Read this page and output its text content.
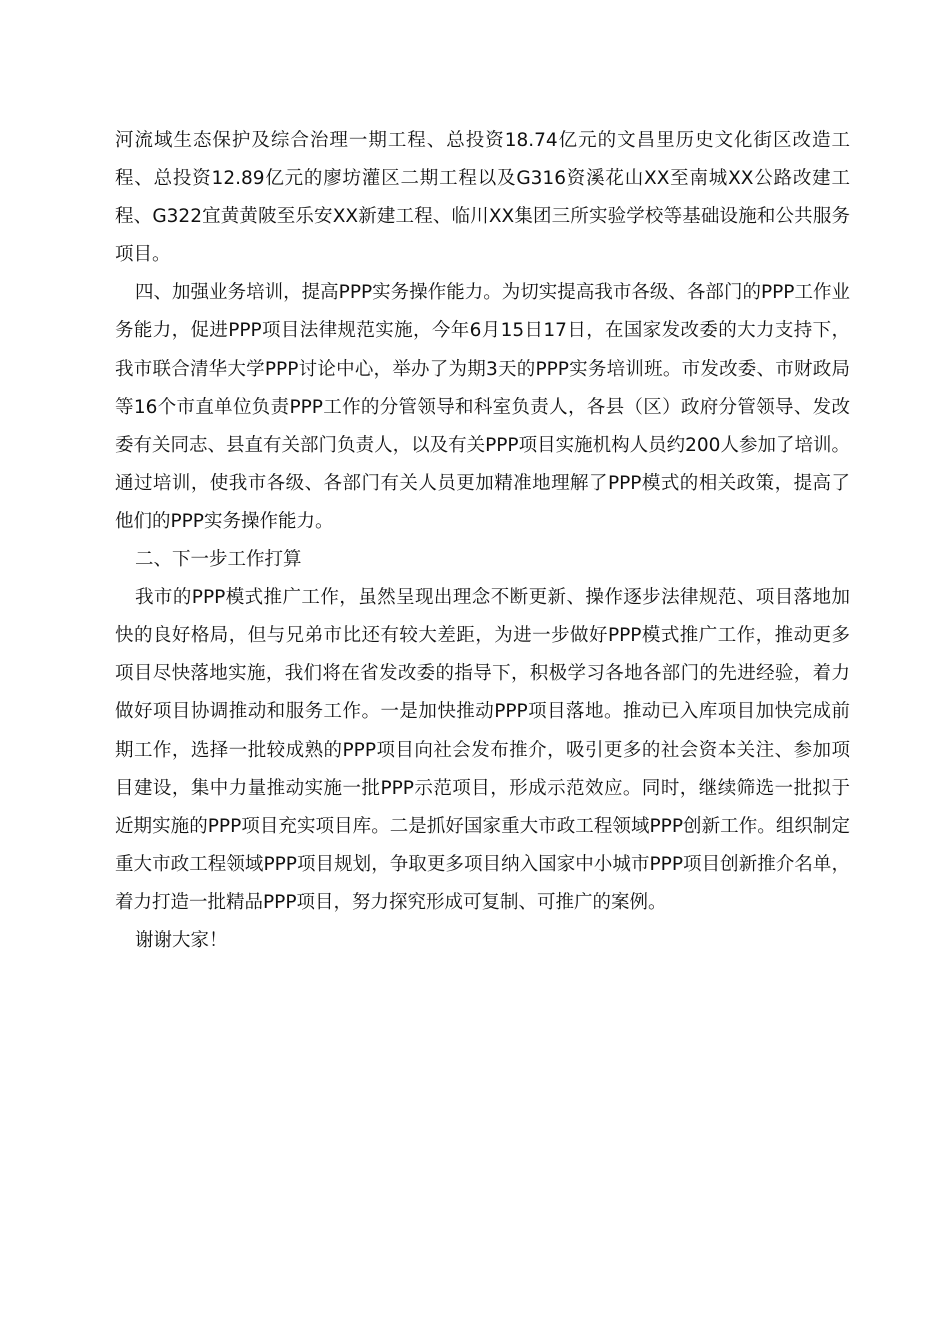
河流域生态保护及综合治理一期工程、总投资18.74亿元的文昌里历史文化街区改造工程、总投资12.89亿元的廖坊灌区二期工程以及G316资溪花山XX至南城XX公路改建工程、G322宜黄黄陂至乐安XX新建工程、临川XX集团三所实验学校等基础设施和公共服务项目。

四、加强业务培训，提高PPP实务操作能力。为切实提高我市各级、各部门的PPP工作业务能力，促进PPP项目法律规范实施，今年6月15日17日，在国家发改委的大力支持下，我市联合清华大学PPP讨论中心，举办了为期3天的PPP实务培训班。市发改委、市财政局等16个市直单位负责PPP工作的分管领导和科室负责人，各县（区）政府分管领导、发改委有关同志、县直有关部门负责人，以及有关PPP项目实施机构人员约200人参加了培训。通过培训，使我市各级、各部门有关人员更加精准地理解了PPP模式的相关政策，提高了他们的PPP实务操作能力。

二、下一步工作打算

我市的PPP模式推广工作，虽然呈现出理念不断更新、操作逐步法律规范、项目落地加快的良好格局，但与兄弟市比还有较大差距，为进一步做好PPP模式推广工作，推动更多项目尽快落地实施，我们将在省发改委的指导下，积极学习各地各部门的先进经验，着力做好项目协调推动和服务工作。一是加快推动PPP项目落地。推动已入库项目加快完成前期工作，选择一批较成熟的PPP项目向社会发布推介，吸引更多的社会资本关注、参加项目建设，集中力量推动实施一批PPP示范项目，形成示范效应。同时，继续筛选一批拟于近期实施的PPP项目充实项目库。二是抓好国家重大市政工程领域PPP创新工作。组织制定重大市政工程领域PPP项目规划，争取更多项目纳入国家中小城市PPP项目创新推介名单，着力打造一批精品PPP项目，努力探究形成可复制、可推广的案例。

谢谢大家！
